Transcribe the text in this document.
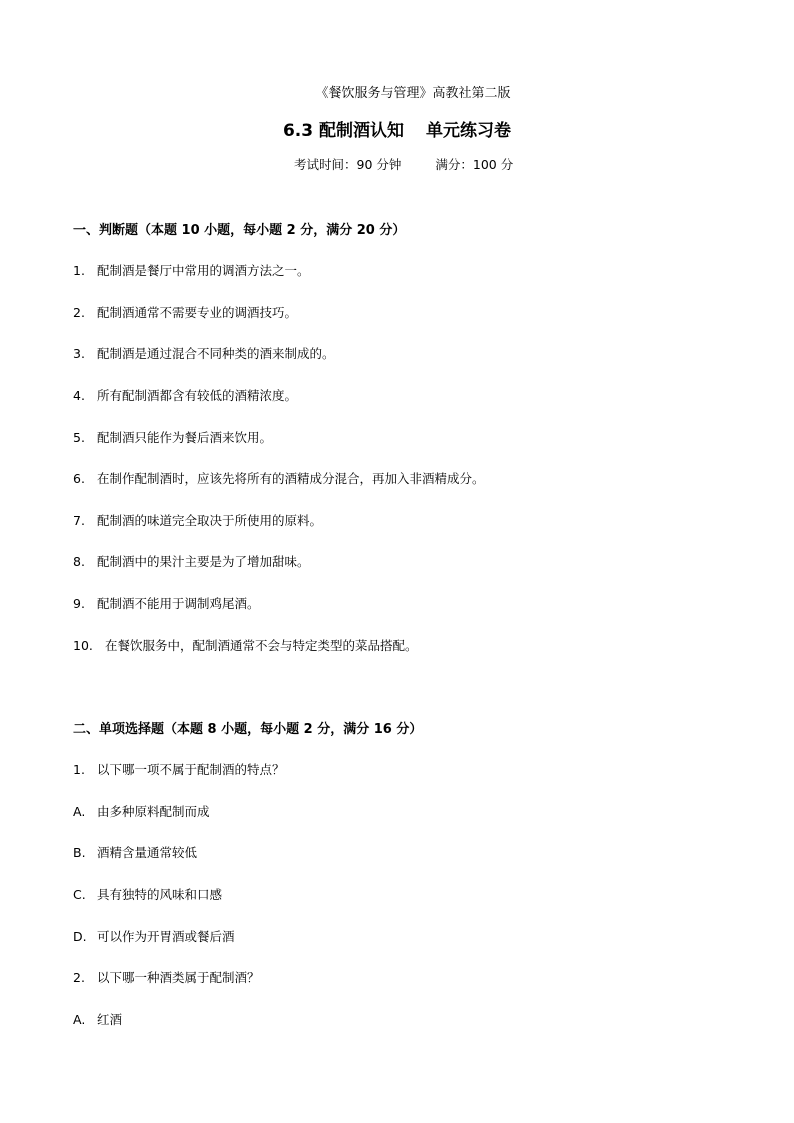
《餐饮服务与管理》高教社第二版
6.3 配制酒认知 单元练习卷
考试时间：90 分钟	满分：100 分
一、判断题（本题 10 小题，每小题 2 分，满分 20 分）
1. 配制酒是餐厅中常用的调酒方法之一。
2. 配制酒通常不需要专业的调酒技巧。
3. 配制酒是通过混合不同种类的酒来制成的。
4. 所有配制酒都含有较低的酒精浓度。
5. 配制酒只能作为餐后酒来饮用。
6. 在制作配制酒时，应该先将所有的酒精成分混合，再加入非酒精成分。
7. 配制酒的味道完全取决于所使用的原料。
8. 配制酒中的果汁主要是为了增加甜味。
9. 配制酒不能用于调制鸡尾酒。
10. 在餐饮服务中，配制酒通常不会与特定类型的菜品搭配。
二、单项选择题（本题 8 小题，每小题 2 分，满分 16 分）
1. 以下哪一项不属于配制酒的特点？
A. 由多种原料配制而成
B. 酒精含量通常较低
C. 具有独特的风味和口感
D. 可以作为开胃酒或餐后酒
2. 以下哪一种酒类属于配制酒？
A. 红酒
